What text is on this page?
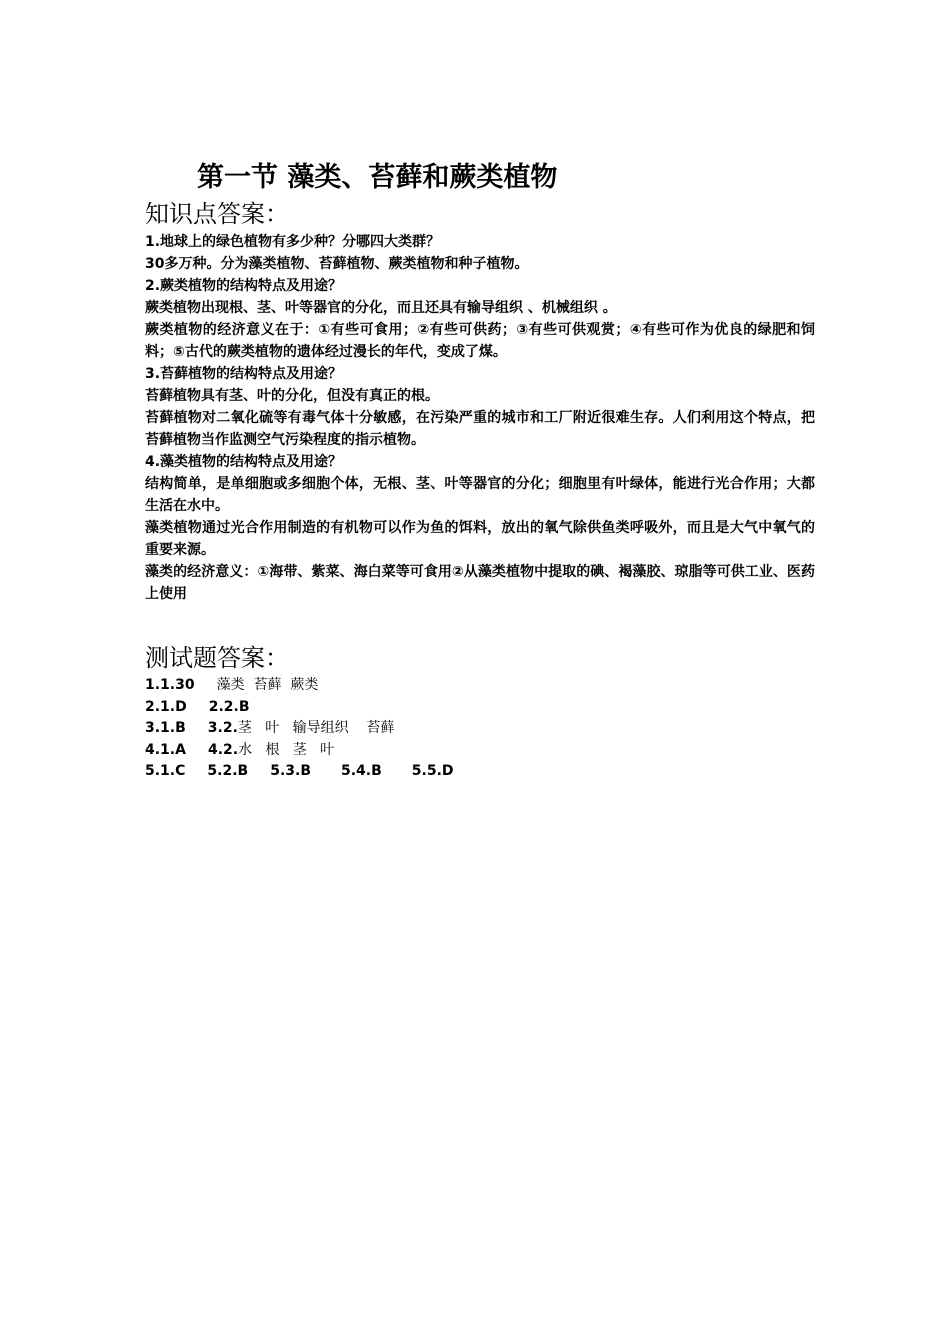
第一节 藻类、苔藓和蕨类植物
知识点答案：

1.地球上的绿色植物有多少种？分哪四大类群？

30多万种。分为藻类植物、苔藓植物、蕨类植物和种子植物。

2.蕨类植物的结构特点及用途？

蕨类植物出现根、茎、叶等器官的分化，而且还具有输导组织 、机械组织 。

蕨类植物的经济意义在于：①有些可食用；②有些可供药；③有些可供观赏；④有些可作为优良的绿肥和饲料；⑤古代的蕨类植物的遗体经过漫长的年代，变成了煤。

3.苔藓植物的结构特点及用途？

苔藓植物具有茎、叶的分化，但没有真正的根。

苔藓植物对二氧化硫等有毒气体十分敏感，在污染严重的城市和工厂附近很难生存。人们利用这个特点，把苔藓植物当作监测空气污染程度的指示植物。

4.藻类植物的结构特点及用途？

结构简单，是单细胞或多细胞个体，无根、茎、叶等器官的分化；细胞里有叶绿体，能进行光合作用；大都生活在水中。

藻类植物通过光合作用制造的有机物可以作为鱼的饵料，放出的氧气除供鱼类呼吸外，而且是大气中氧气的重要来源。

藻类的经济意义：①海带、紫菜、海白菜等可食用②从藻类植物中提取的碘、褐藻胶、琼脂等可供工业、医药上使用

测试题答案：

1.1.30 藻类  苔藓  蕨类

2.1.D 2.2.B

3.1.B 3.2.茎   叶   输导组织    苔藓

4.1.A 4.2.水   根   茎   叶

5.1.C 5.2.B 5.3.B 5.4.B 5.5.D
